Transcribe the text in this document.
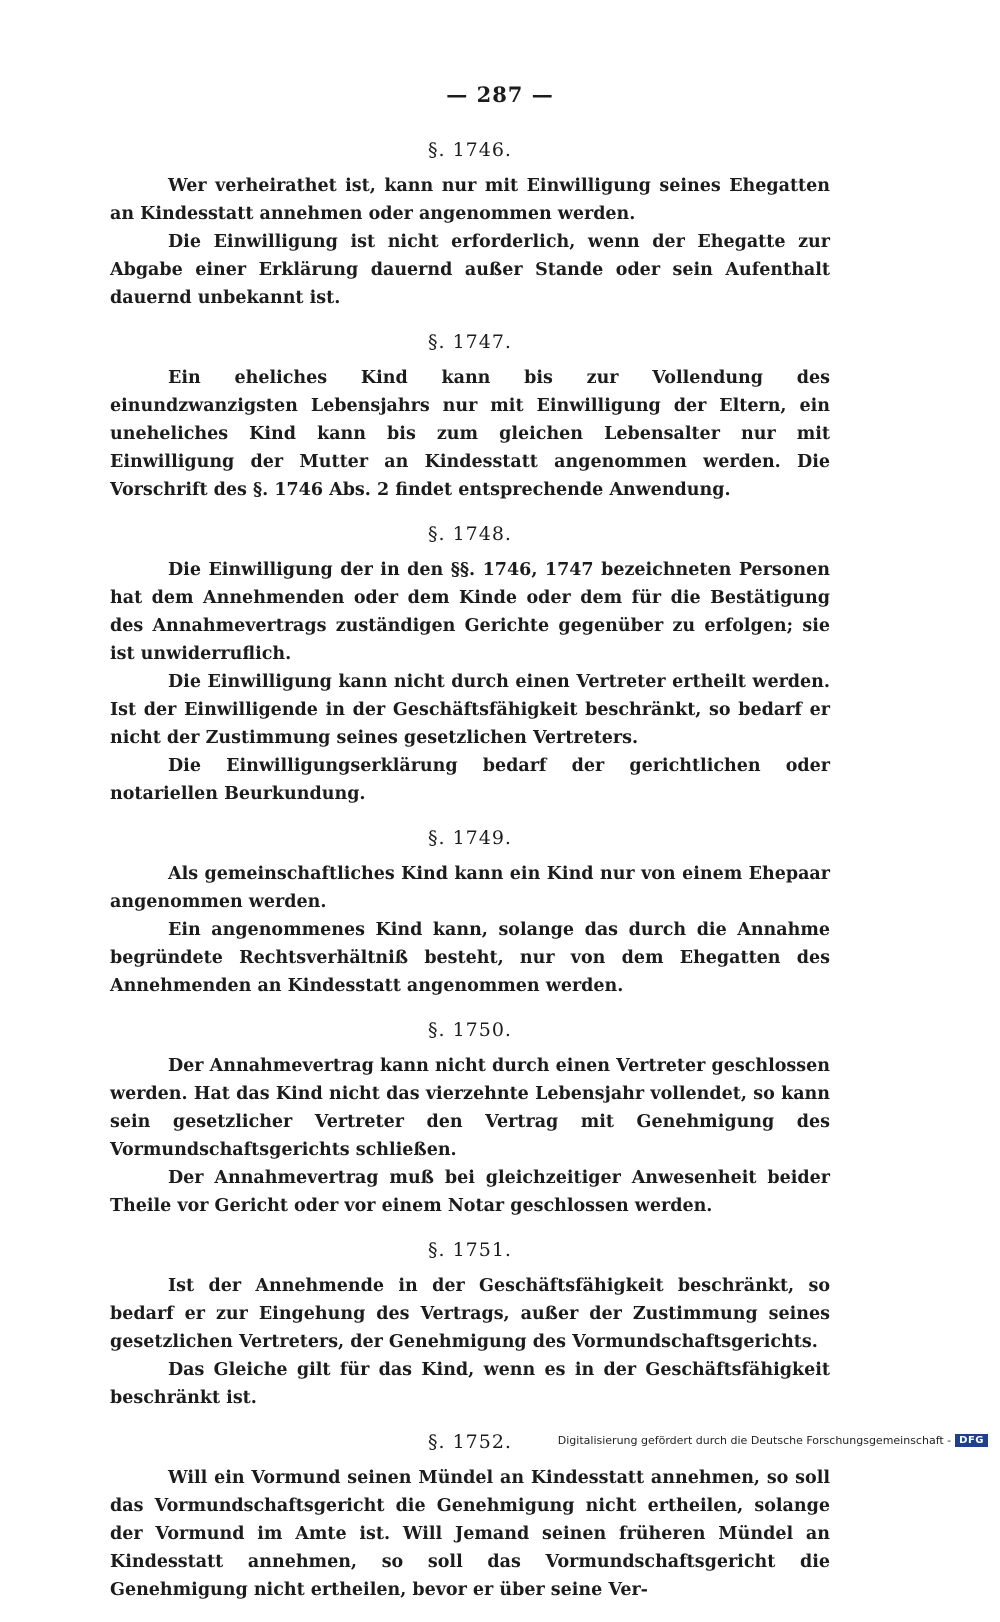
— 287 —
§. 1746.

Wer verheirathet ist, kann nur mit Einwilligung seines Ehegatten an Kindesstatt annehmen oder angenommen werden.

Die Einwilligung ist nicht erforderlich, wenn der Ehegatte zur Abgabe einer Erklärung dauernd außer Stande oder sein Aufenthalt dauernd unbekannt ist.

§. 1747.

Ein eheliches Kind kann bis zur Vollendung des einundzwanzigsten Lebensjahrs nur mit Einwilligung der Eltern, ein uneheliches Kind kann bis zum gleichen Lebensalter nur mit Einwilligung der Mutter an Kindesstatt angenommen werden. Die Vorschrift des §. 1746 Abs. 2 findet entsprechende Anwendung.

§. 1748.

Die Einwilligung der in den §§. 1746, 1747 bezeichneten Personen hat dem Annehmenden oder dem Kinde oder dem für die Bestätigung des Annahmevertrags zuständigen Gerichte gegenüber zu erfolgen; sie ist unwiderruflich.

Die Einwilligung kann nicht durch einen Vertreter ertheilt werden. Ist der Einwilligende in der Geschäftsfähigkeit beschränkt, so bedarf er nicht der Zustimmung seines gesetzlichen Vertreters.

Die Einwilligungserklärung bedarf der gerichtlichen oder notariellen Beurkundung.

§. 1749.

Als gemeinschaftliches Kind kann ein Kind nur von einem Ehepaar angenommen werden.

Ein angenommenes Kind kann, solange das durch die Annahme begründete Rechtsverhältniß besteht, nur von dem Ehegatten des Annehmenden an Kindesstatt angenommen werden.

§. 1750.

Der Annahmevertrag kann nicht durch einen Vertreter geschlossen werden. Hat das Kind nicht das vierzehnte Lebensjahr vollendet, so kann sein gesetzlicher Vertreter den Vertrag mit Genehmigung des Vormundschaftsgerichts schließen.

Der Annahmevertrag muß bei gleichzeitiger Anwesenheit beider Theile vor Gericht oder vor einem Notar geschlossen werden.

§. 1751.

Ist der Annehmende in der Geschäftsfähigkeit beschränkt, so bedarf er zur Eingehung des Vertrags, außer der Zustimmung seines gesetzlichen Vertreters, der Genehmigung des Vormundschaftsgerichts.

Das Gleiche gilt für das Kind, wenn es in der Geschäftsfähigkeit beschränkt ist.

§. 1752.

Will ein Vormund seinen Mündel an Kindesstatt annehmen, so soll das Vormundschaftsgericht die Genehmigung nicht ertheilen, solange der Vormund im Amte ist. Will Jemand seinen früheren Mündel an Kindesstatt annehmen, so soll das Vormundschaftsgericht die Genehmigung nicht ertheilen, bevor er über seine Ver-

Digitalisierung gefördert durch die Deutsche Forschungsgemeinschaft - DFG
